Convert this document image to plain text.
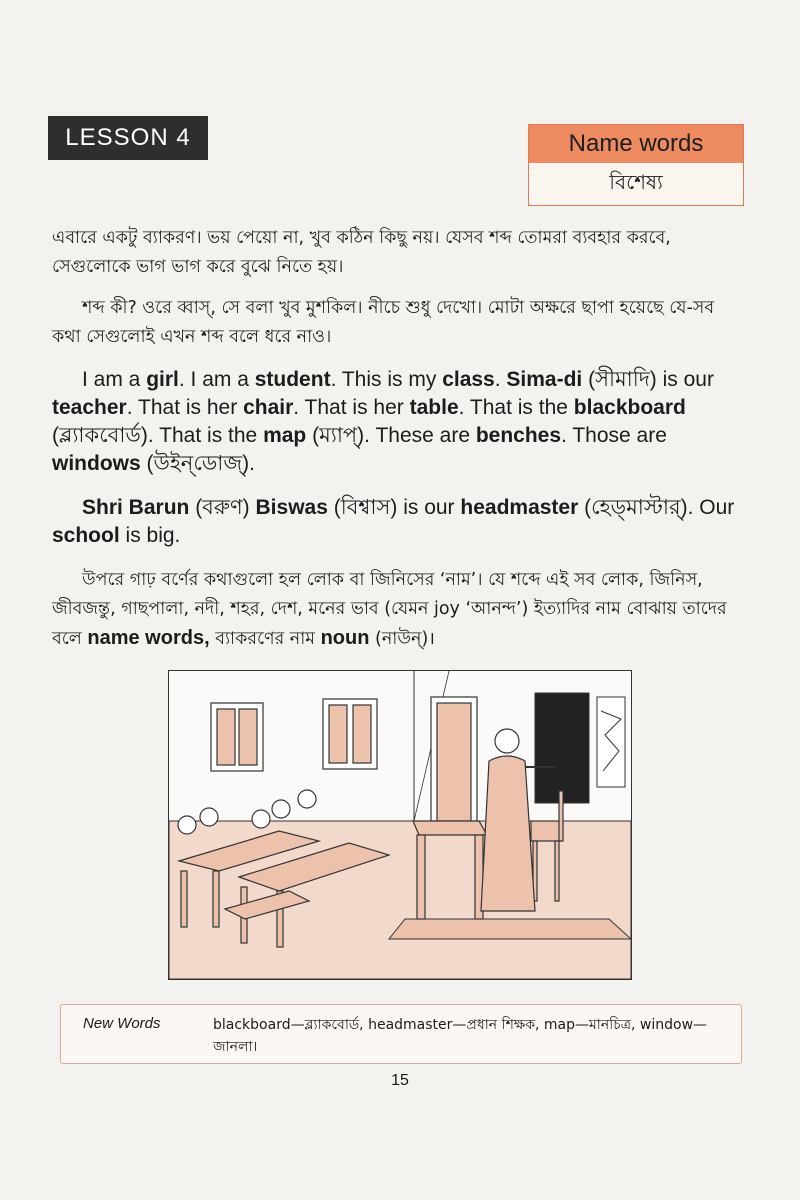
LESSON 4	Name words
বিশেষ্য

এবারে একটু ব্যাকরণ। ভয় পেয়ো না, খুব কঠিন কিছু নয়। যেসব শব্দ তোমরা ব্যবহার করবে, সেগুলোকে ভাগ ভাগ করে বুঝে নিতে হয়।

শব্দ কী? ওরে ব্বাস্, সে বলা খুব মুশকিল। নীচে শুধু দেখো। মোটা অক্ষরে ছাপা হয়েছে যে-সব কথা সেগুলোই এখন শব্দ বলে ধরে নাও।

I am a girl. I am a student. This is my class. Sima-di (সীমাদি) is our teacher. That is her chair. That is her table. That is the blackboard (ব্ল্যাকবোর্ড). That is the map (ম্যাপ্). These are benches. Those are windows (উইন্‌ডোজ্).

Shri Barun (বরুণ) Biswas (বিশ্বাস) is our headmaster (হেড্‌মাস্টার্). Our school is big.

উপরে গাঢ় বর্ণের কথাগুলো হল লোক বা জিনিসের ‘নাম’। যে শব্দে এই সব লোক, জিনিস, জীবজন্তু, গাছপালা, নদী, শহর, দেশ, মনের ভাব (যেমন joy ‘আনন্দ’) ইত্যাদির নাম বোঝায় তাদের বলে name words, ব্যাকরণের নাম noun (নাউন্)।

New Words	blackboard—ব্ল্যাকবোর্ড, headmaster—প্রধান শিক্ষক, map—মানচিত্র, window—জানলা।
15
